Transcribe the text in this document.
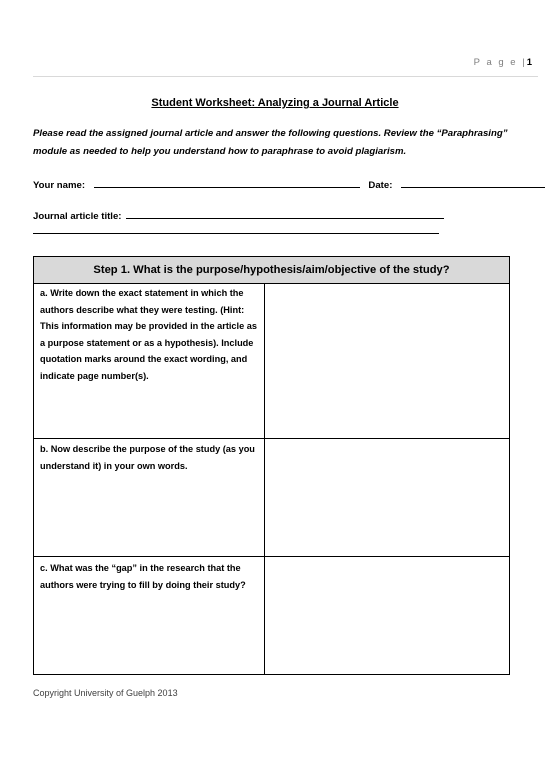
P a g e |1
Student Worksheet: Analyzing a Journal Article
Please read the assigned journal article and answer the following questions. Review the “Paraphrasing” module as needed to help you understand how to paraphrase to avoid plagiarism.
Your name:	Date:
Journal article title:
Step 1. What is the purpose/hypothesis/aim/objective of the study?
a. Write down the exact statement in which the authors describe what they were testing. (Hint: This information may be provided in the article as a purpose statement or as a hypothesis). Include quotation marks around the exact wording, and indicate page number(s).
b. Now describe the purpose of the study (as you understand it) in your own words.
c. What was the “gap” in the research that the authors were trying to fill by doing their study?
Copyright University of Guelph 2013
